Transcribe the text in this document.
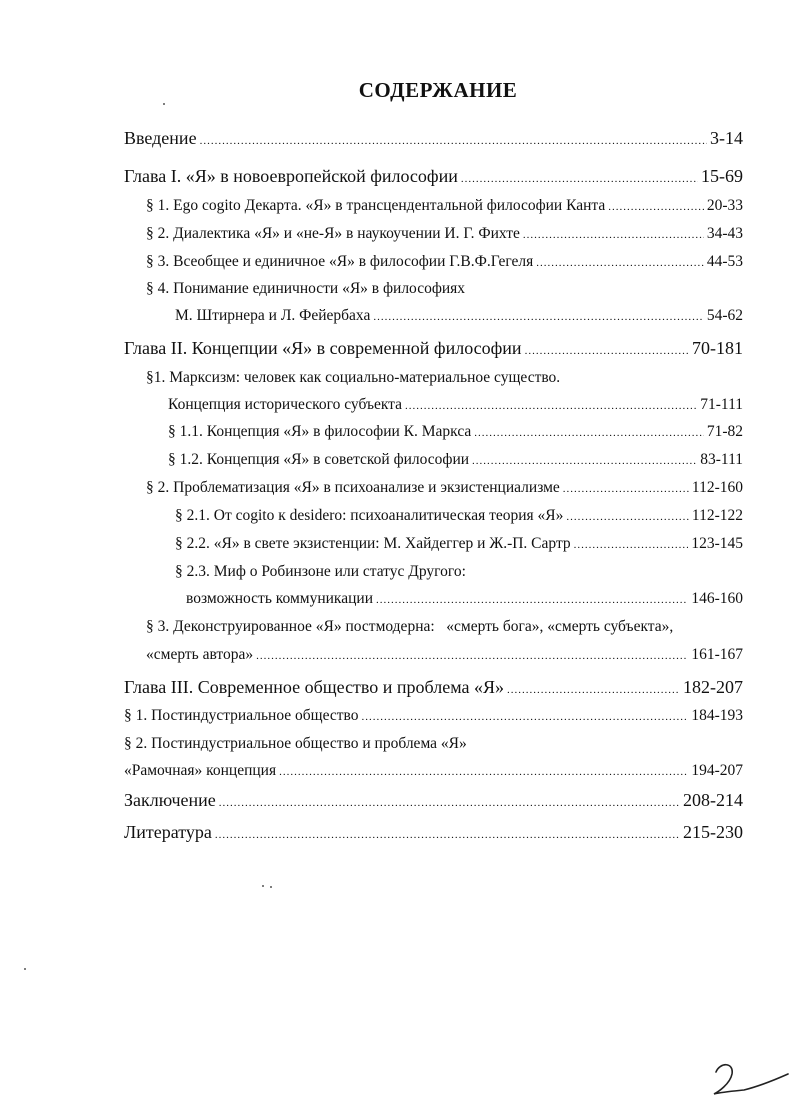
СОДЕРЖАНИЕ
Введение .....	3-14
Глава I. «Я» в новоевропейской философии .....	15-69
§ 1. Ego cogito Декарта. «Я» в трансцендентальной философии Канта .....	20-33
§ 2. Диалектика «Я» и «не-Я» в наукоучении И. Г. Фихте .....	34-43
§ 3. Всеобщее и единичное «Я» в философии Г.В.Ф.Гегеля .....	44-53
§ 4. Понимание единичности «Я» в философиях
М. Штирнера и Л. Фейербаха .....	54-62
Глава II. Концепции «Я» в современной философии .....	70-181
§1. Марксизм: человек как социально-материальное существо.
Концепция исторического субъекта .....	71-111
§ 1.1. Концепция «Я» в философии К. Маркса .....	71-82
§ 1.2. Концепция «Я» в советской философии .....	83-111
§ 2. Проблематизация «Я» в психоанализе и экзистенциализме .....	112-160
§ 2.1. От cogito к desidero: психоаналитическая теория «Я» .....	112-122
§ 2.2. «Я» в свете экзистенции: М. Хайдеггер и Ж.-П. Сартр .....	123-145
§ 2.3. Миф о Робинзоне или статус Другого:
возможность коммуникации .....	146-160
§ 3. Деконструированное «Я» постмодерна:   «смерть бога», «смерть субъекта»,
«смерть автора» .....	161-167
Глава III. Современное общество и проблема «Я» .....	182-207
§ 1. Постиндустриальное общество .....	184-193
§ 2. Постиндустриальное общество и проблема «Я»
«Рамочная» концепция .....	194-207
Заключение .....	208-214
Литература .....	215-230
